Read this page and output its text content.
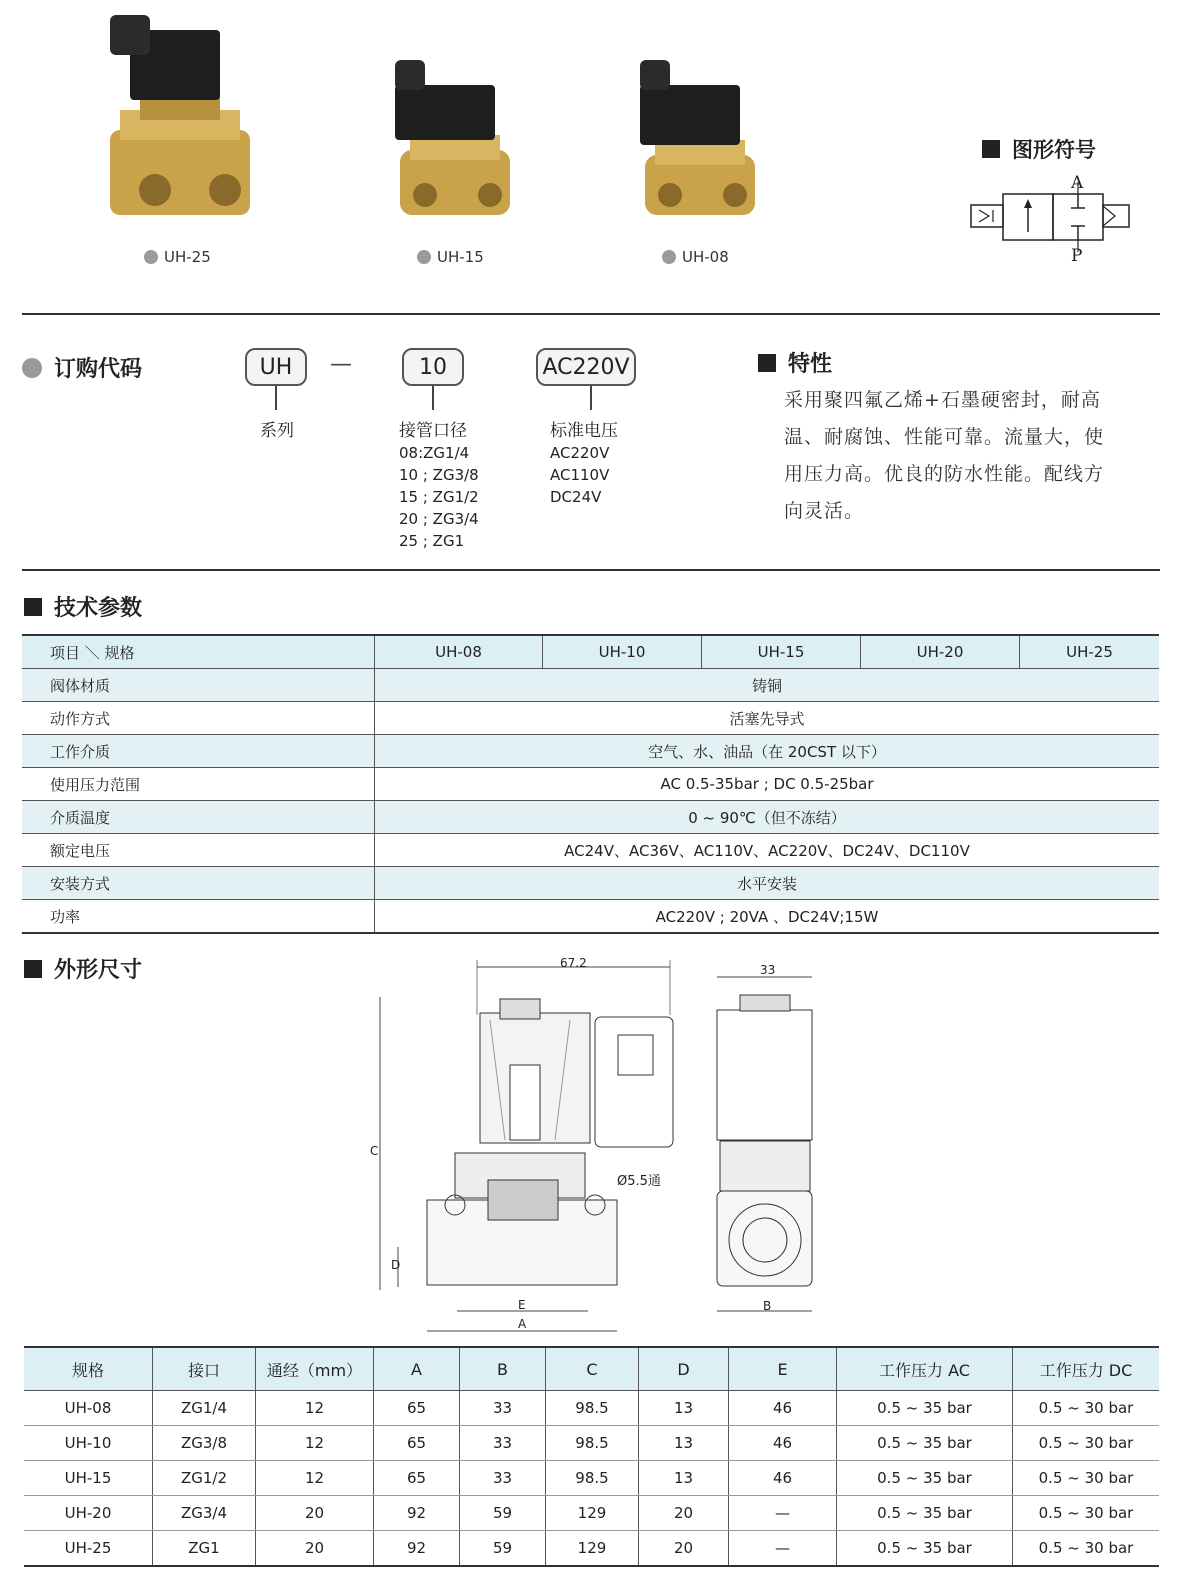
UH-25	UH-15	UH-08
图形符号
A
P
订购代码	UH	—	10	AC220V
系列	接管口径
08:ZG1/4
10 ; ZG3/8
15 ; ZG1/2
20 ; ZG3/4
25 ; ZG1
标准电压
AC220V
AC110V
DC24V
特性
采用聚四氟乙烯+石墨硬密封，耐高
温、耐腐蚀、性能可靠。流量大，使
用压力高。优良的防水性能。配线方
向灵活。
技术参数
项目 ＼ 规格	UH-08	UH-10	UH-15	UH-20	UH-25
阀体材质	铸铜				
动作方式	活塞先导式				
工作介质	空气、水、油品（在 20CST 以下）				
使用压力范围	AC 0.5-35bar ; DC 0.5-25bar				
介质温度	0 ~ 90℃（但不冻结）				
额定电压	AC24V、AC36V、AC110V、AC220V、DC24V、DC110V				
安装方式	水平安装				
功率	AC220V ; 20VA 、DC24V;15W				
外形尺寸	67.2	33
Ø5.5通
C
D
E
A
B
规格	接口	通经（mm）	A	B	C	D	E	工作压力 AC	工作压力 DC
UH-08	ZG1/4	12	65	33	98.5	13	46	0.5 ~ 35 bar	0.5 ~ 30 bar
UH-10	ZG3/8	12	65	33	98.5	13	46	0.5 ~ 35 bar	0.5 ~ 30 bar
UH-15	ZG1/2	12	65	33	98.5	13	46	0.5 ~ 35 bar	0.5 ~ 30 bar
UH-20	ZG3/4	20	92	59	129	20	—	0.5 ~ 35 bar	0.5 ~ 30 bar
UH-25	ZG1	20	92	59	129	20	—	0.5 ~ 35 bar	0.5 ~ 30 bar
